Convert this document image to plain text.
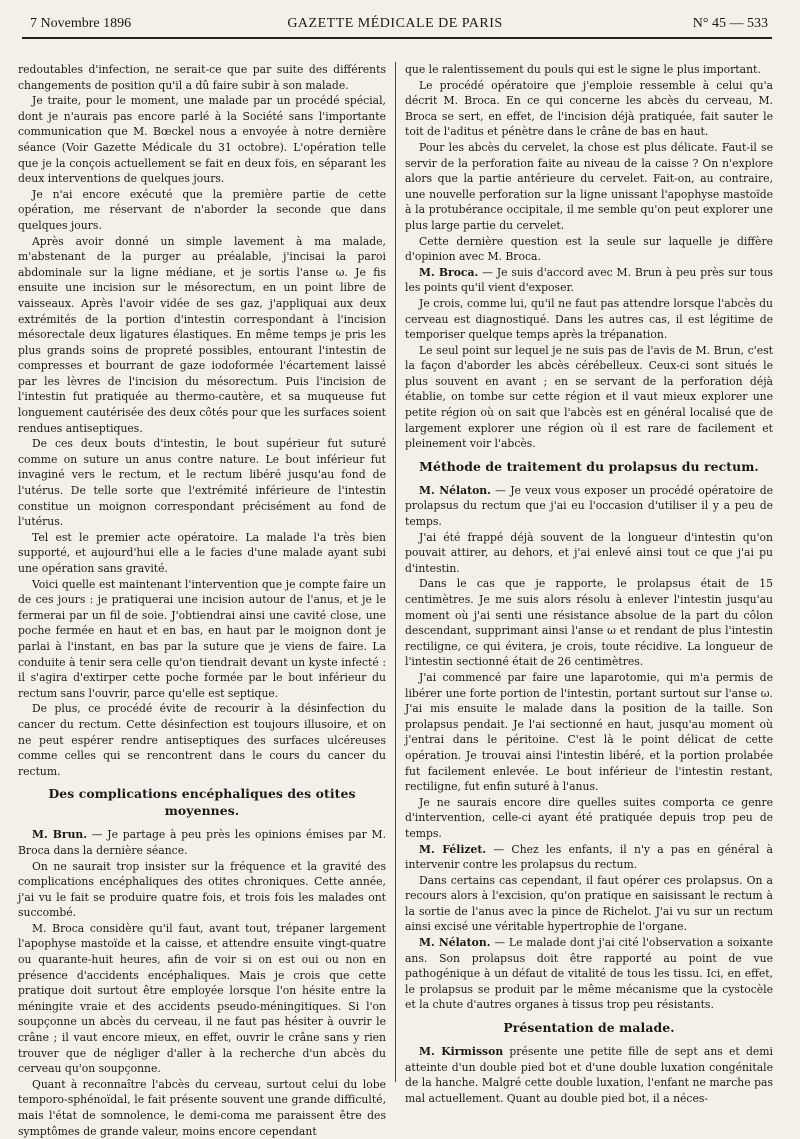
7 Novembre 1896	GAZETTE MÉDICALE DE PARIS	N° 45 — 533

redoutables d'infection, ne serait-ce que par suite des différents changements de position qu'il a dû faire subir à son malade.

Je traite, pour le moment, une malade par un procédé spécial, dont je n'aurais pas encore parlé à la Société sans l'importante communication que M. Bœckel nous a envoyée à notre dernière séance (Voir Gazette Médicale du 31 octobre). L'opération telle que je la conçois actuellement se fait en deux fois, en séparant les deux interventions de quelques jours.

Je n'ai encore exécuté que la première partie de cette opération, me réservant de n'aborder la seconde que dans quelques jours.

Après avoir donné un simple lavement à ma malade, m'abstenant de la purger au préalable, j'incisai la paroi abdominale sur la ligne médiane, et je sortis l'anse ω. Je fis ensuite une incision sur le mésorectum, en un point libre de vaisseaux. Après l'avoir vidée de ses gaz, j'appliquai aux deux extrémités de la portion d'intestin correspondant à l'incision mésorectale deux ligatures élastiques. En même temps je pris les plus grands soins de propreté possibles, entourant l'intestin de compresses et bourrant de gaze iodoformée l'écartement laissé par les lèvres de l'incision du mésorectum. Puis l'incision de l'intestin fut pratiquée au thermo-cautère, et sa muqueuse fut longuement cautérisée des deux côtés pour que les surfaces soient rendues antiseptiques.

De ces deux bouts d'intestin, le bout supérieur fut suturé comme on suture un anus contre nature. Le bout inférieur fut invaginé vers le rectum, et le rectum libéré jusqu'au fond de l'utérus. De telle sorte que l'extrémité inférieure de l'intestin constitue un moignon correspondant précisément au fond de l'utérus.

Tel est le premier acte opératoire. La malade l'a très bien supporté, et aujourd'hui elle a le facies d'une malade ayant subi une opération sans gravité.

Voici quelle est maintenant l'intervention que je compte faire un de ces jours : je pratiquerai une incision autour de l'anus, et je le fermerai par un fil de soie. J'obtiendrai ainsi une cavité close, une poche fermée en haut et en bas, en haut par le moignon dont je parlai à l'instant, en bas par la suture que je viens de faire. La conduite à tenir sera celle qu'on tiendrait devant un kyste infecté : il s'agira d'extirper cette poche formée par le bout inférieur du rectum sans l'ouvrir, parce qu'elle est septique.

De plus, ce procédé évite de recourir à la désinfection du cancer du rectum. Cette désinfection est toujours illusoire, et on ne peut espérer rendre antiseptiques des surfaces ulcéreuses comme celles qui se rencontrent dans le cours du cancer du rectum.

Des complications encéphaliques des otites moyennes.

M. Brun. — Je partage à peu près les opinions émises par M. Broca dans la dernière séance.

On ne saurait trop insister sur la fréquence et la gravité des complications encéphaliques des otites chroniques. Cette année, j'ai vu le fait se produire quatre fois, et trois fois les malades ont succombé.

M. Broca considère qu'il faut, avant tout, trépaner largement l'apophyse mastoïde et la caisse, et attendre ensuite vingt-quatre ou quarante-huit heures, afin de voir si on est oui ou non en présence d'accidents encéphaliques. Mais je crois que cette pratique doit surtout être employée lorsque l'on hésite entre la méningite vraie et des accidents pseudo-méningitiques. Si l'on soupçonne un abcès du cerveau, il ne faut pas hésiter à ouvrir le crâne ; il vaut encore mieux, en effet, ouvrir le crâne sans y rien trouver que de négliger d'aller à la recherche d'un abcès du cerveau qu'on soupçonne.

Quant à reconnaître l'abcès du cerveau, surtout celui du lobe temporo-sphénoïdal, le fait présente souvent une grande difficulté, mais l'état de somnolence, le demi-coma me paraissent être des symptômes de grande valeur, moins encore cependant

que le ralentissement du pouls qui est le signe le plus important.

Le procédé opératoire que j'emploie ressemble à celui qu'a décrit M. Broca. En ce qui concerne les abcès du cerveau, M. Broca se sert, en effet, de l'incision déjà pratiquée, fait sauter le toit de l'aditus et pénètre dans le crâne de bas en haut.

Pour les abcès du cervelet, la chose est plus délicate. Faut-il se servir de la perforation faite au niveau de la caisse ? On n'explore alors que la partie antérieure du cervelet. Fait-on, au contraire, une nouvelle perforation sur la ligne unissant l'apophyse mastoïde à la protubérance occipitale, il me semble qu'on peut explorer une plus large partie du cervelet.

Cette dernière question est la seule sur laquelle je diffère d'opinion avec M. Broca.

M. Broca. — Je suis d'accord avec M. Brun à peu près sur tous les points qu'il vient d'exposer.

Je crois, comme lui, qu'il ne faut pas attendre lorsque l'abcès du cerveau est diagnostiqué. Dans les autres cas, il est légitime de temporiser quelque temps après la trépanation.

Le seul point sur lequel je ne suis pas de l'avis de M. Brun, c'est la façon d'aborder les abcès cérébelleux. Ceux-ci sont situés le plus souvent en avant ; en se servant de la perforation déjà établie, on tombe sur cette région et il vaut mieux explorer une petite région où on sait que l'abcès est en général localisé que de largement explorer une région où il est rare de facilement et pleinement voir l'abcès.

Méthode de traitement du prolapsus du rectum.

M. Nélaton. — Je veux vous exposer un procédé opératoire de prolapsus du rectum que j'ai eu l'occasion d'utiliser il y a peu de temps.

J'ai été frappé déjà souvent de la longueur d'intestin qu'on pouvait attirer, au dehors, et j'ai enlevé ainsi tout ce que j'ai pu d'intestin.

Dans le cas que je rapporte, le prolapsus était de 15 centimètres. Je me suis alors résolu à enlever l'intestin jusqu'au moment où j'ai senti une résistance absolue de la part du côlon descendant, supprimant ainsi l'anse ω et rendant de plus l'intestin rectiligne, ce qui évitera, je crois, toute récidive. La longueur de l'intestin sectionné était de 26 centimètres.

J'ai commencé par faire une laparotomie, qui m'a permis de libérer une forte portion de l'intestin, portant surtout sur l'anse ω. J'ai mis ensuite le malade dans la position de la taille. Son prolapsus pendait. Je l'ai sectionné en haut, jusqu'au moment où j'entrai dans le péritoine. C'est là le point délicat de cette opération. Je trouvai ainsi l'intestin libéré, et la portion prolabée fut facilement enlevée. Le bout inférieur de l'intestin restant, rectiligne, fut enfin suturé à l'anus.

Je ne saurais encore dire quelles suites comporta ce genre d'intervention, celle-ci ayant été pratiquée depuis trop peu de temps.

M. Félizet. — Chez les enfants, il n'y a pas en général à intervenir contre les prolapsus du rectum.

Dans certains cas cependant, il faut opérer ces prolapsus. On a recours alors à l'excision, qu'on pratique en saisissant le rectum à la sortie de l'anus avec la pince de Richelot. J'ai vu sur un rectum ainsi excisé une véritable hypertrophie de l'organe.

M. Nélaton. — Le malade dont j'ai cité l'observation a soixante ans. Son prolapsus doit être rapporté au point de vue pathogénique à un défaut de vitalité de tous les tissu. Ici, en effet, le prolapsus se produit par le même mécanisme que la cystocèle et la chute d'autres organes à tissus trop peu résistants.

Présentation de malade.

M. Kirmisson présente une petite fille de sept ans et demi atteinte d'un double pied bot et d'une double luxation congénitale de la hanche. Malgré cette double luxation, l'enfant ne marche pas mal actuellement. Quant au double pied bot, il a néces-
